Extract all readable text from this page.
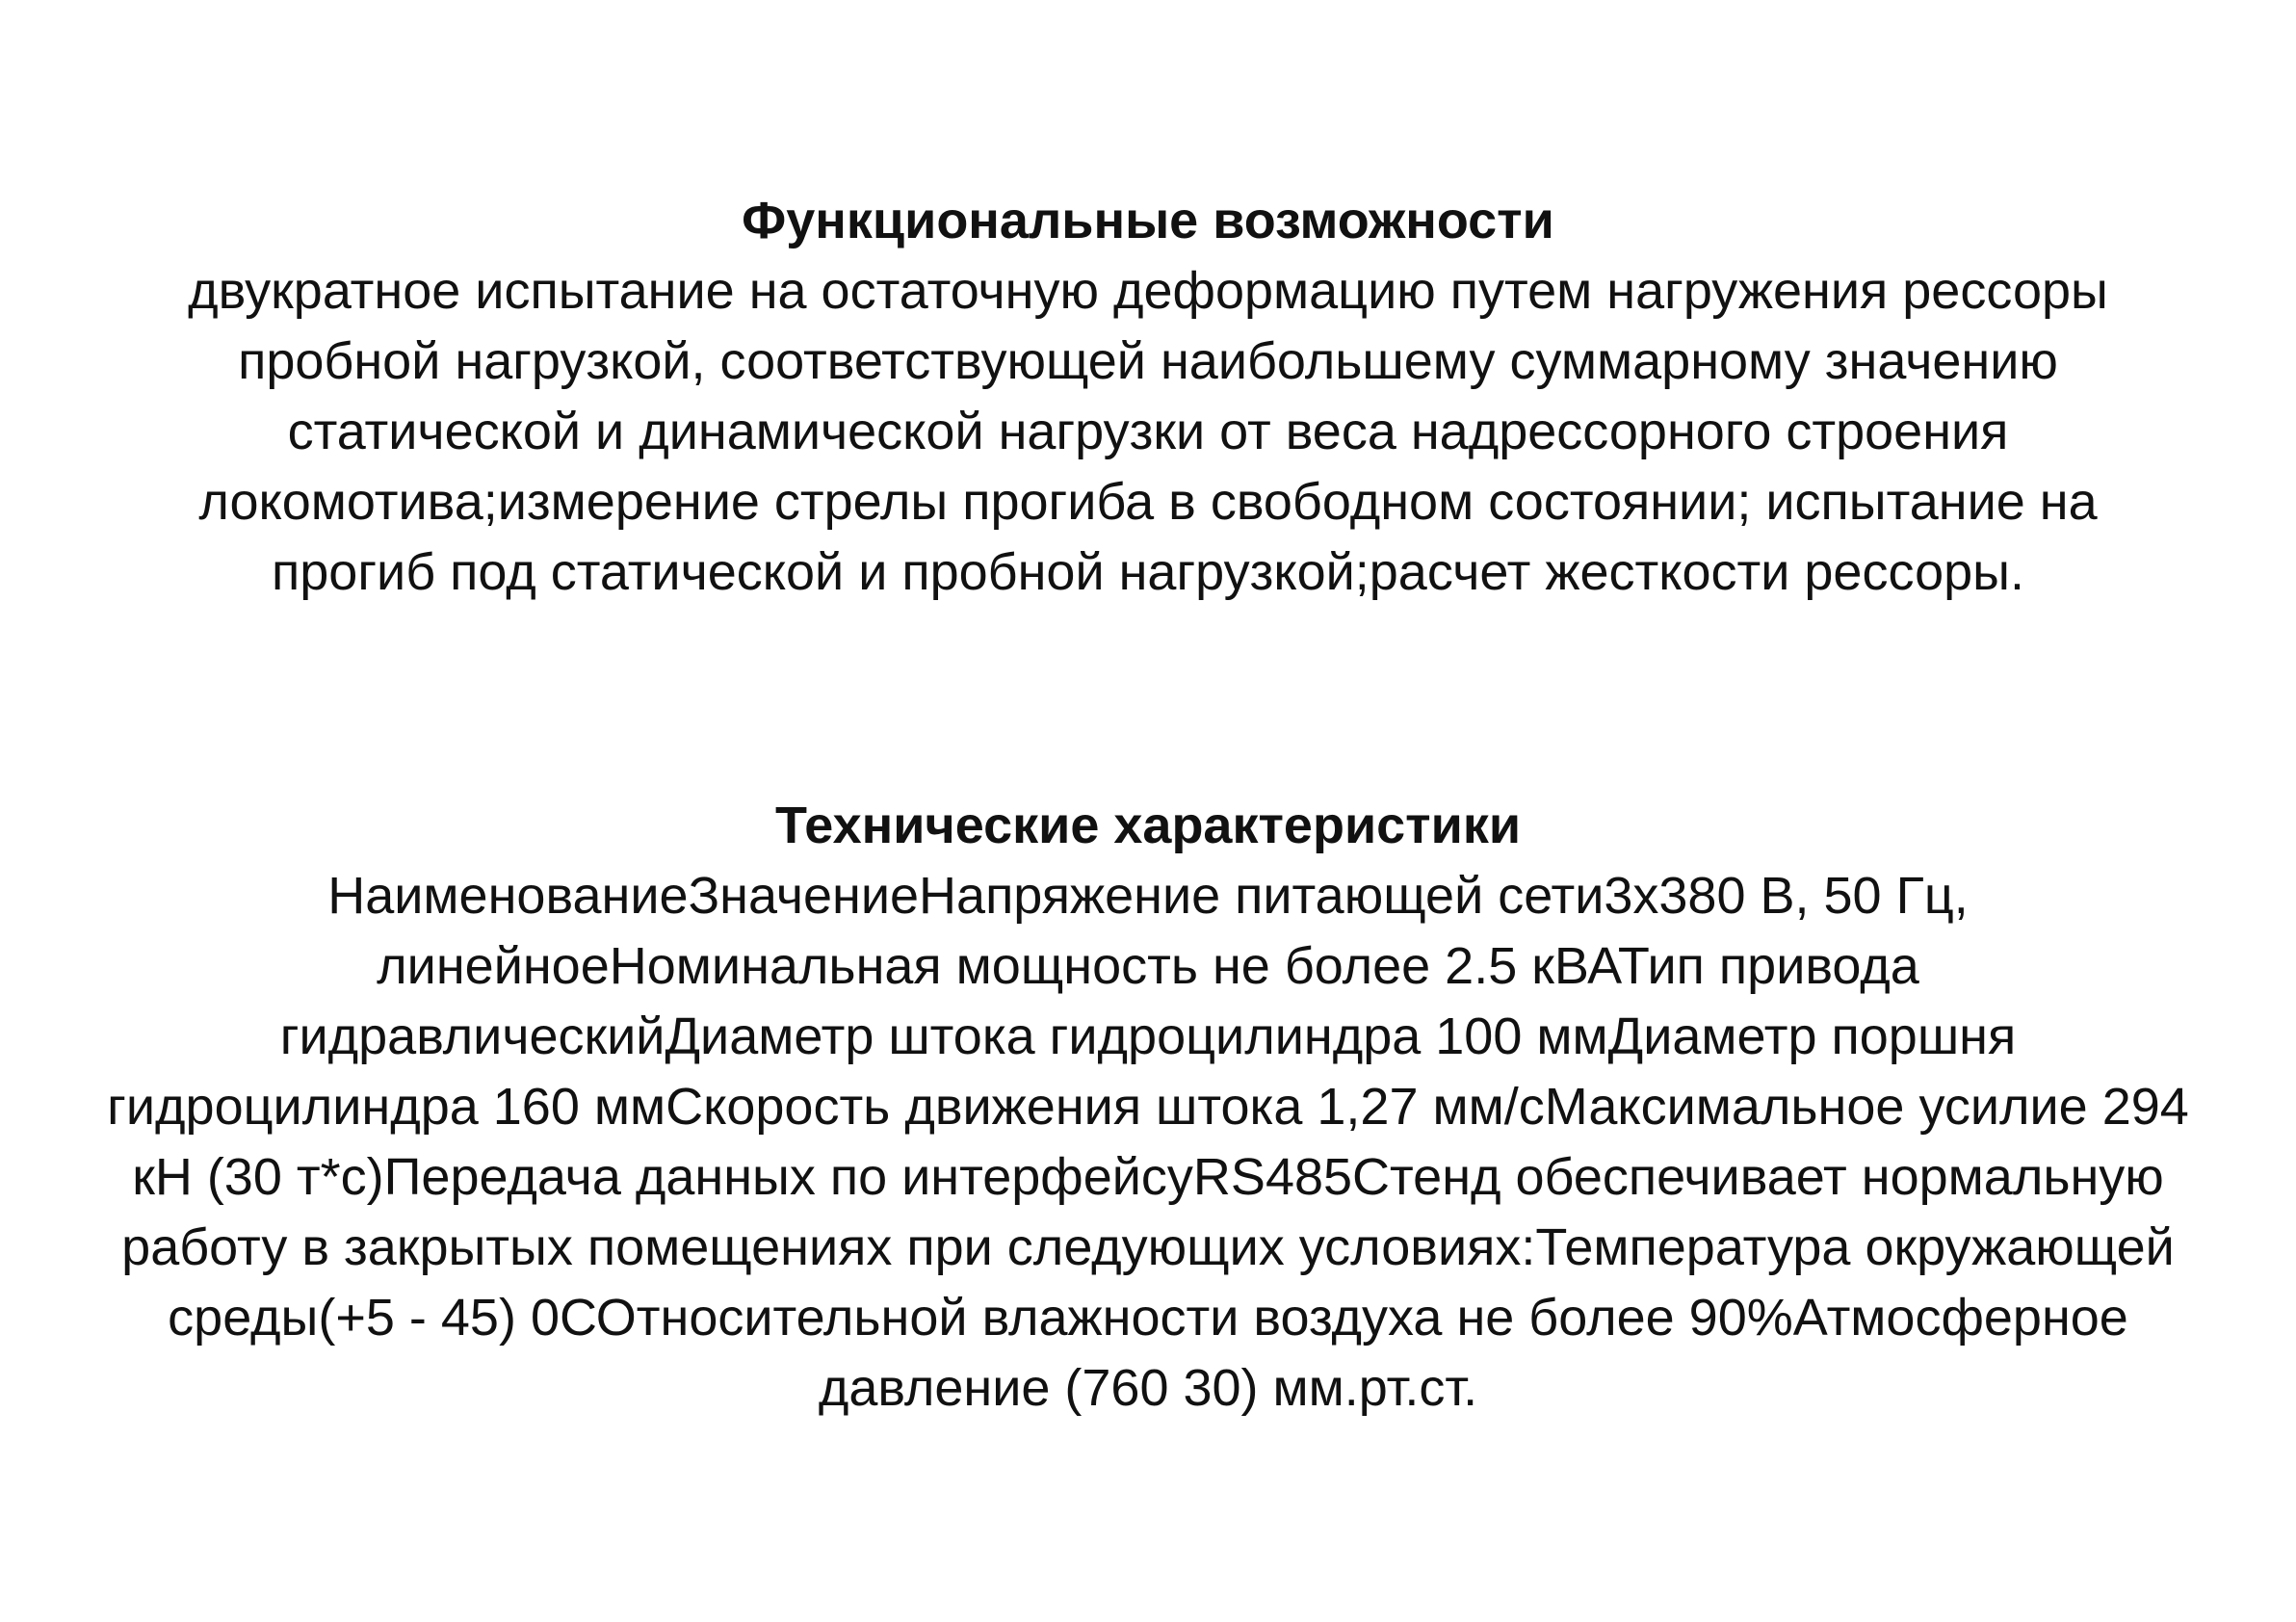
Функциональные возможности

двукратное испытание на остаточную деформацию путем нагружения рессоры пробной нагрузкой, соответствующей наибольшему суммарному значению статической и динамической нагрузки от веса надрессорного строения локомотива;измерение стрелы прогиба в свободном состоянии; испытание на прогиб под статической и пробной нагрузкой;расчет жесткости рессоры.

Технические характеристики

НаименованиеЗначениеНапряжение питающей сети3х380 В, 50 Гц, линейноеНоминальная мощность не более 2.5 кВАТип привода гидравлическийДиаметр штока гидроцилиндра 100 ммДиаметр поршня гидроцилиндра 160 ммСкорость движения штока 1,27 мм/сМаксимальное усилие 294 кН (30 т*с)Передача данных по интерфейсуRS485Стенд обеспечивает нормальную работу в закрытых помещениях при следующих условиях:Температура окружающей среды(+5 - 45) 0СОтносительной влажности воздуха не более 90%Атмосферное давление (760 30) мм.рт.ст.
